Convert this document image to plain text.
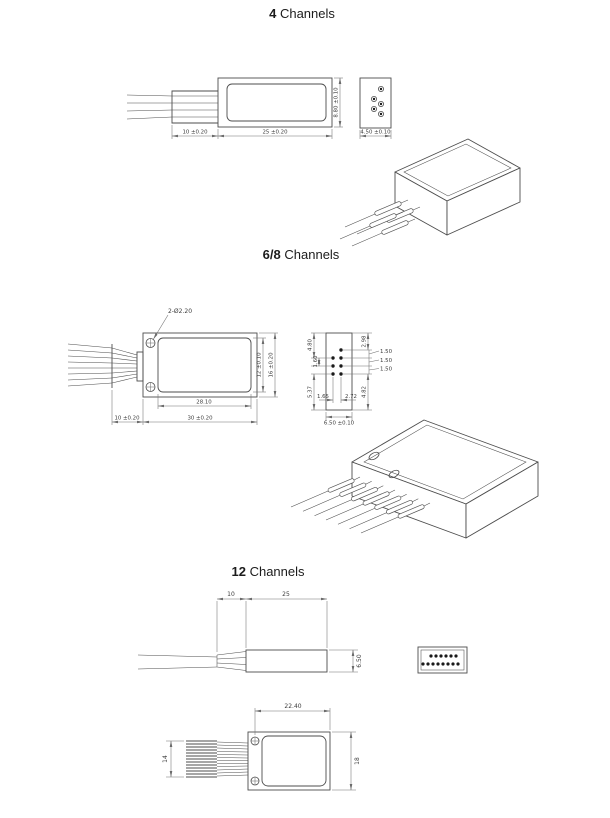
4 Channels
6/8 Channels
12 Channels
10 ±0.20	25 ±0.20
8.80 ±0.10
4.50 ±0.10
2-Ø2.20
12 ±0.10 16 ±0.20
28.10
10 ±0.20	30 ±0.20
2.98
1.50
1.50
1.50
4.82
4.80
1.60
5.37 1.65	2.72
6.50 ±0.10
10	25
6.50
22.40
18
14
